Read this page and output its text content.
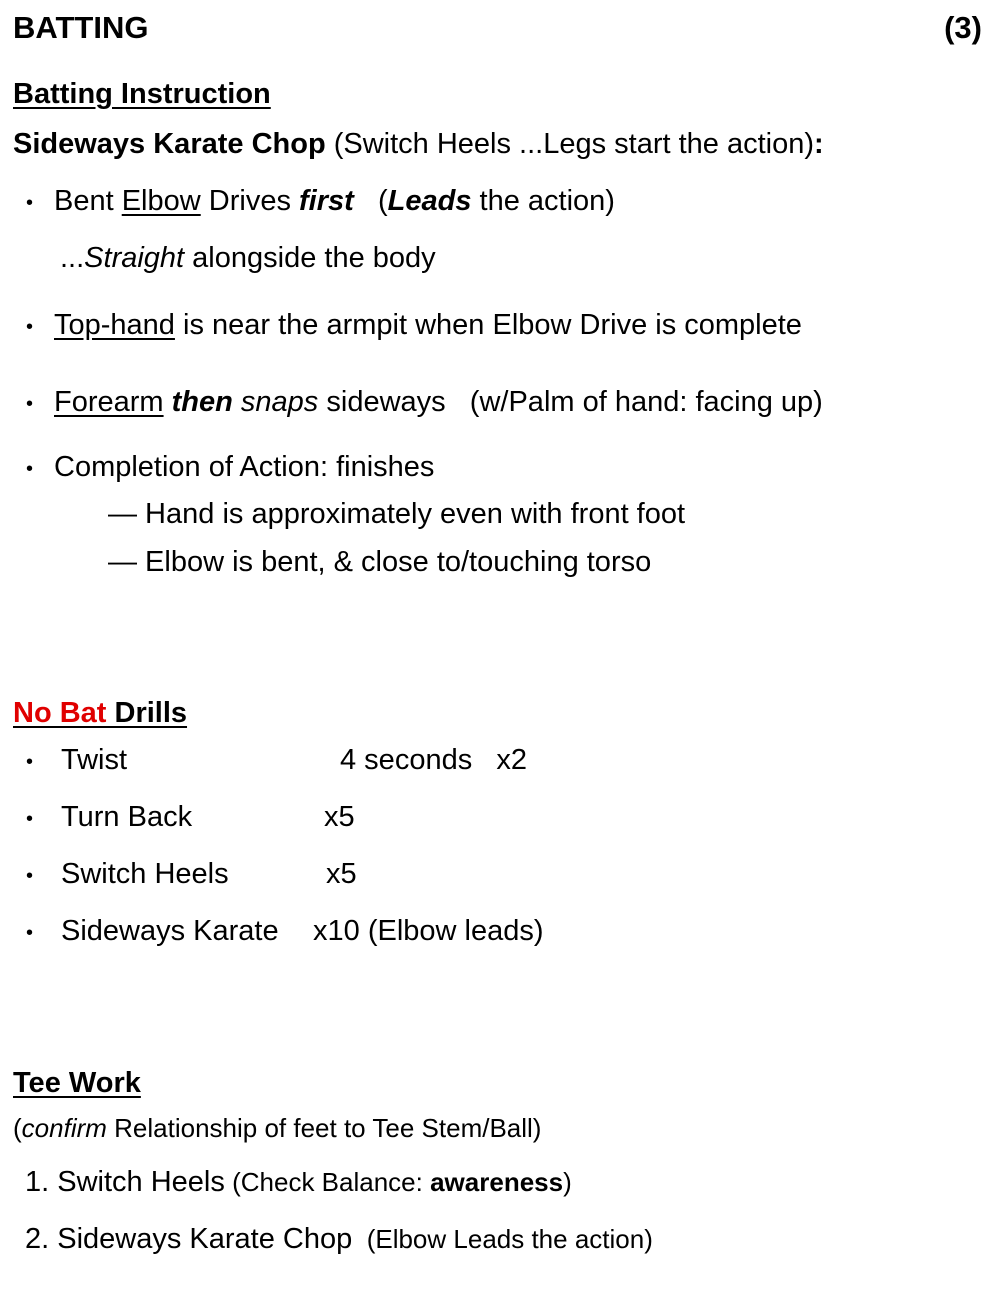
BATTING	(3)
Batting Instruction
Sideways Karate Chop (Switch Heels ...Legs start the action):
• Bent Elbow Drives first   (Leads the action)
...Straight alongside the body
• Top-hand is near the armpit when Elbow Drive is complete
• Forearm then snaps sideways   (w/Palm of hand: facing up)
• Completion of Action: finishes
— Hand is approximately even with front foot
— Elbow is bent, & close to/touching torso
No Bat Drills
• Twist	4 seconds   x2
• Turn Back	x5
• Switch Heels	x5
• Sideways Karate x10 (Elbow leads)
Tee Work
(confirm Relationship of feet to Tee Stem/Ball)
1. Switch Heels (Check Balance: awareness)
2. Sideways Karate Chop  (Elbow Leads the action)
